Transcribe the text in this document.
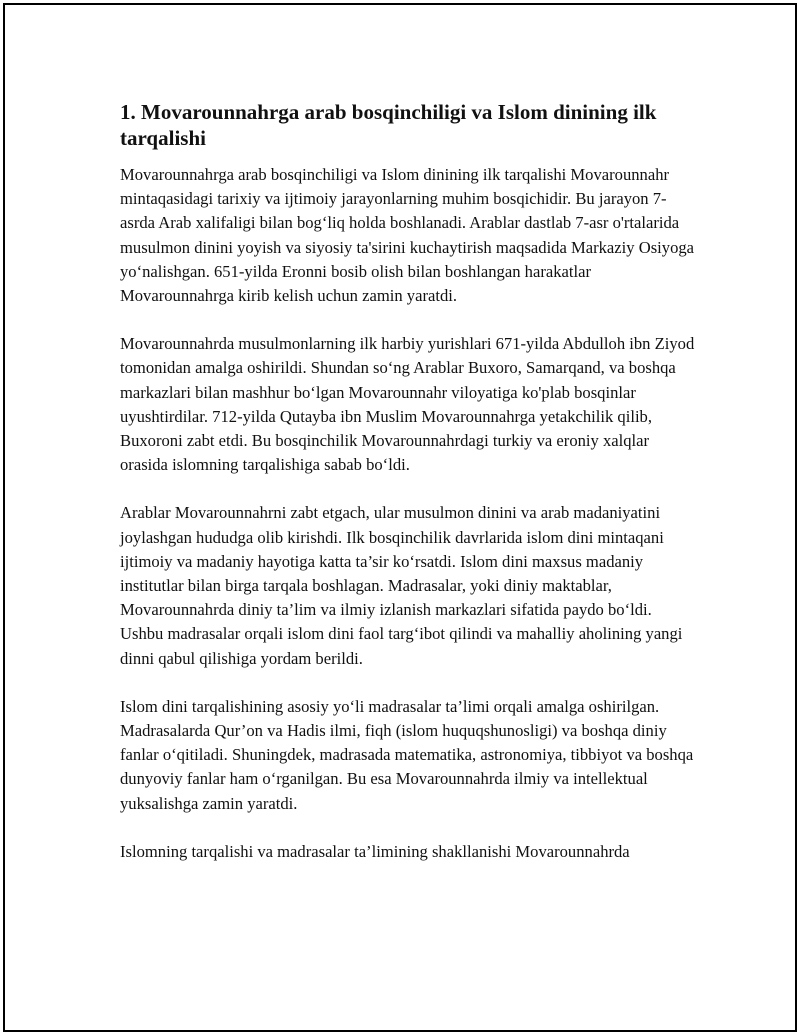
1. Movarounnahrga arab bosqinchiligi va Islom dinining ilk tarqalishi

Movarounnahrga arab bosqinchiligi va Islom dinining ilk tarqalishi Movarounnahr mintaqasidagi tarixiy va ijtimoiy jarayonlarning muhim bosqichidir. Bu jarayon 7-asrda Arab xalifaligi bilan bog‘liq holda boshlanadi. Arablar dastlab 7-asr o'rtalarida musulmon dinini yoyish va siyosiy ta'sirini kuchaytirish maqsadida Markaziy Osiyoga yo‘nalishgan. 651-yilda Eronni bosib olish bilan boshlangan harakatlar Movarounnahrga kirib kelish uchun zamin yaratdi.

Movarounnahrda musulmonlarning ilk harbiy yurishlari 671-yilda Abdulloh ibn Ziyod tomonidan amalga oshirildi. Shundan so‘ng Arablar Buxoro, Samarqand, va boshqa markazlari bilan mashhur bo‘lgan Movarounnahr viloyatiga ko'plab bosqinlar uyushtirdilar. 712-yilda Qutayba ibn Muslim Movarounnahrga yetakchilik qilib, Buxoroni zabt etdi. Bu bosqinchilik Movarounnahrdagi turkiy va eroniy xalqlar orasida islomning tarqalishiga sabab bo‘ldi.

Arablar Movarounnahrni zabt etgach, ular musulmon dinini va arab madaniyatini joylashgan hududga olib kirishdi. Ilk bosqinchilik davrlarida islom dini mintaqani ijtimoiy va madaniy hayotiga katta ta’sir ko‘rsatdi. Islom dini maxsus madaniy institutlar bilan birga tarqala boshlagan. Madrasalar, yoki diniy maktablar, Movarounnahrda diniy ta’lim va ilmiy izlanish markazlari sifatida paydo bo‘ldi. Ushbu madrasalar orqali islom dini faol targ‘ibot qilindi va mahalliy aholining yangi dinni qabul qilishiga yordam berildi.

Islom dini tarqalishining asosiy yo‘li madrasalar ta’limi orqali amalga oshirilgan. Madrasalarda Qur’on va Hadis ilmi, fiqh (islom huquqshunosligi) va boshqa diniy fanlar o‘qitiladi. Shuningdek, madrasada matematika, astronomiya, tibbiyot va boshqa dunyoviy fanlar ham o‘rganilgan. Bu esa Movarounnahrda ilmiy va intellektual yuksalishga zamin yaratdi.

Islomning tarqalishi va madrasalar ta’limining shakllanishi Movarounnahrda
